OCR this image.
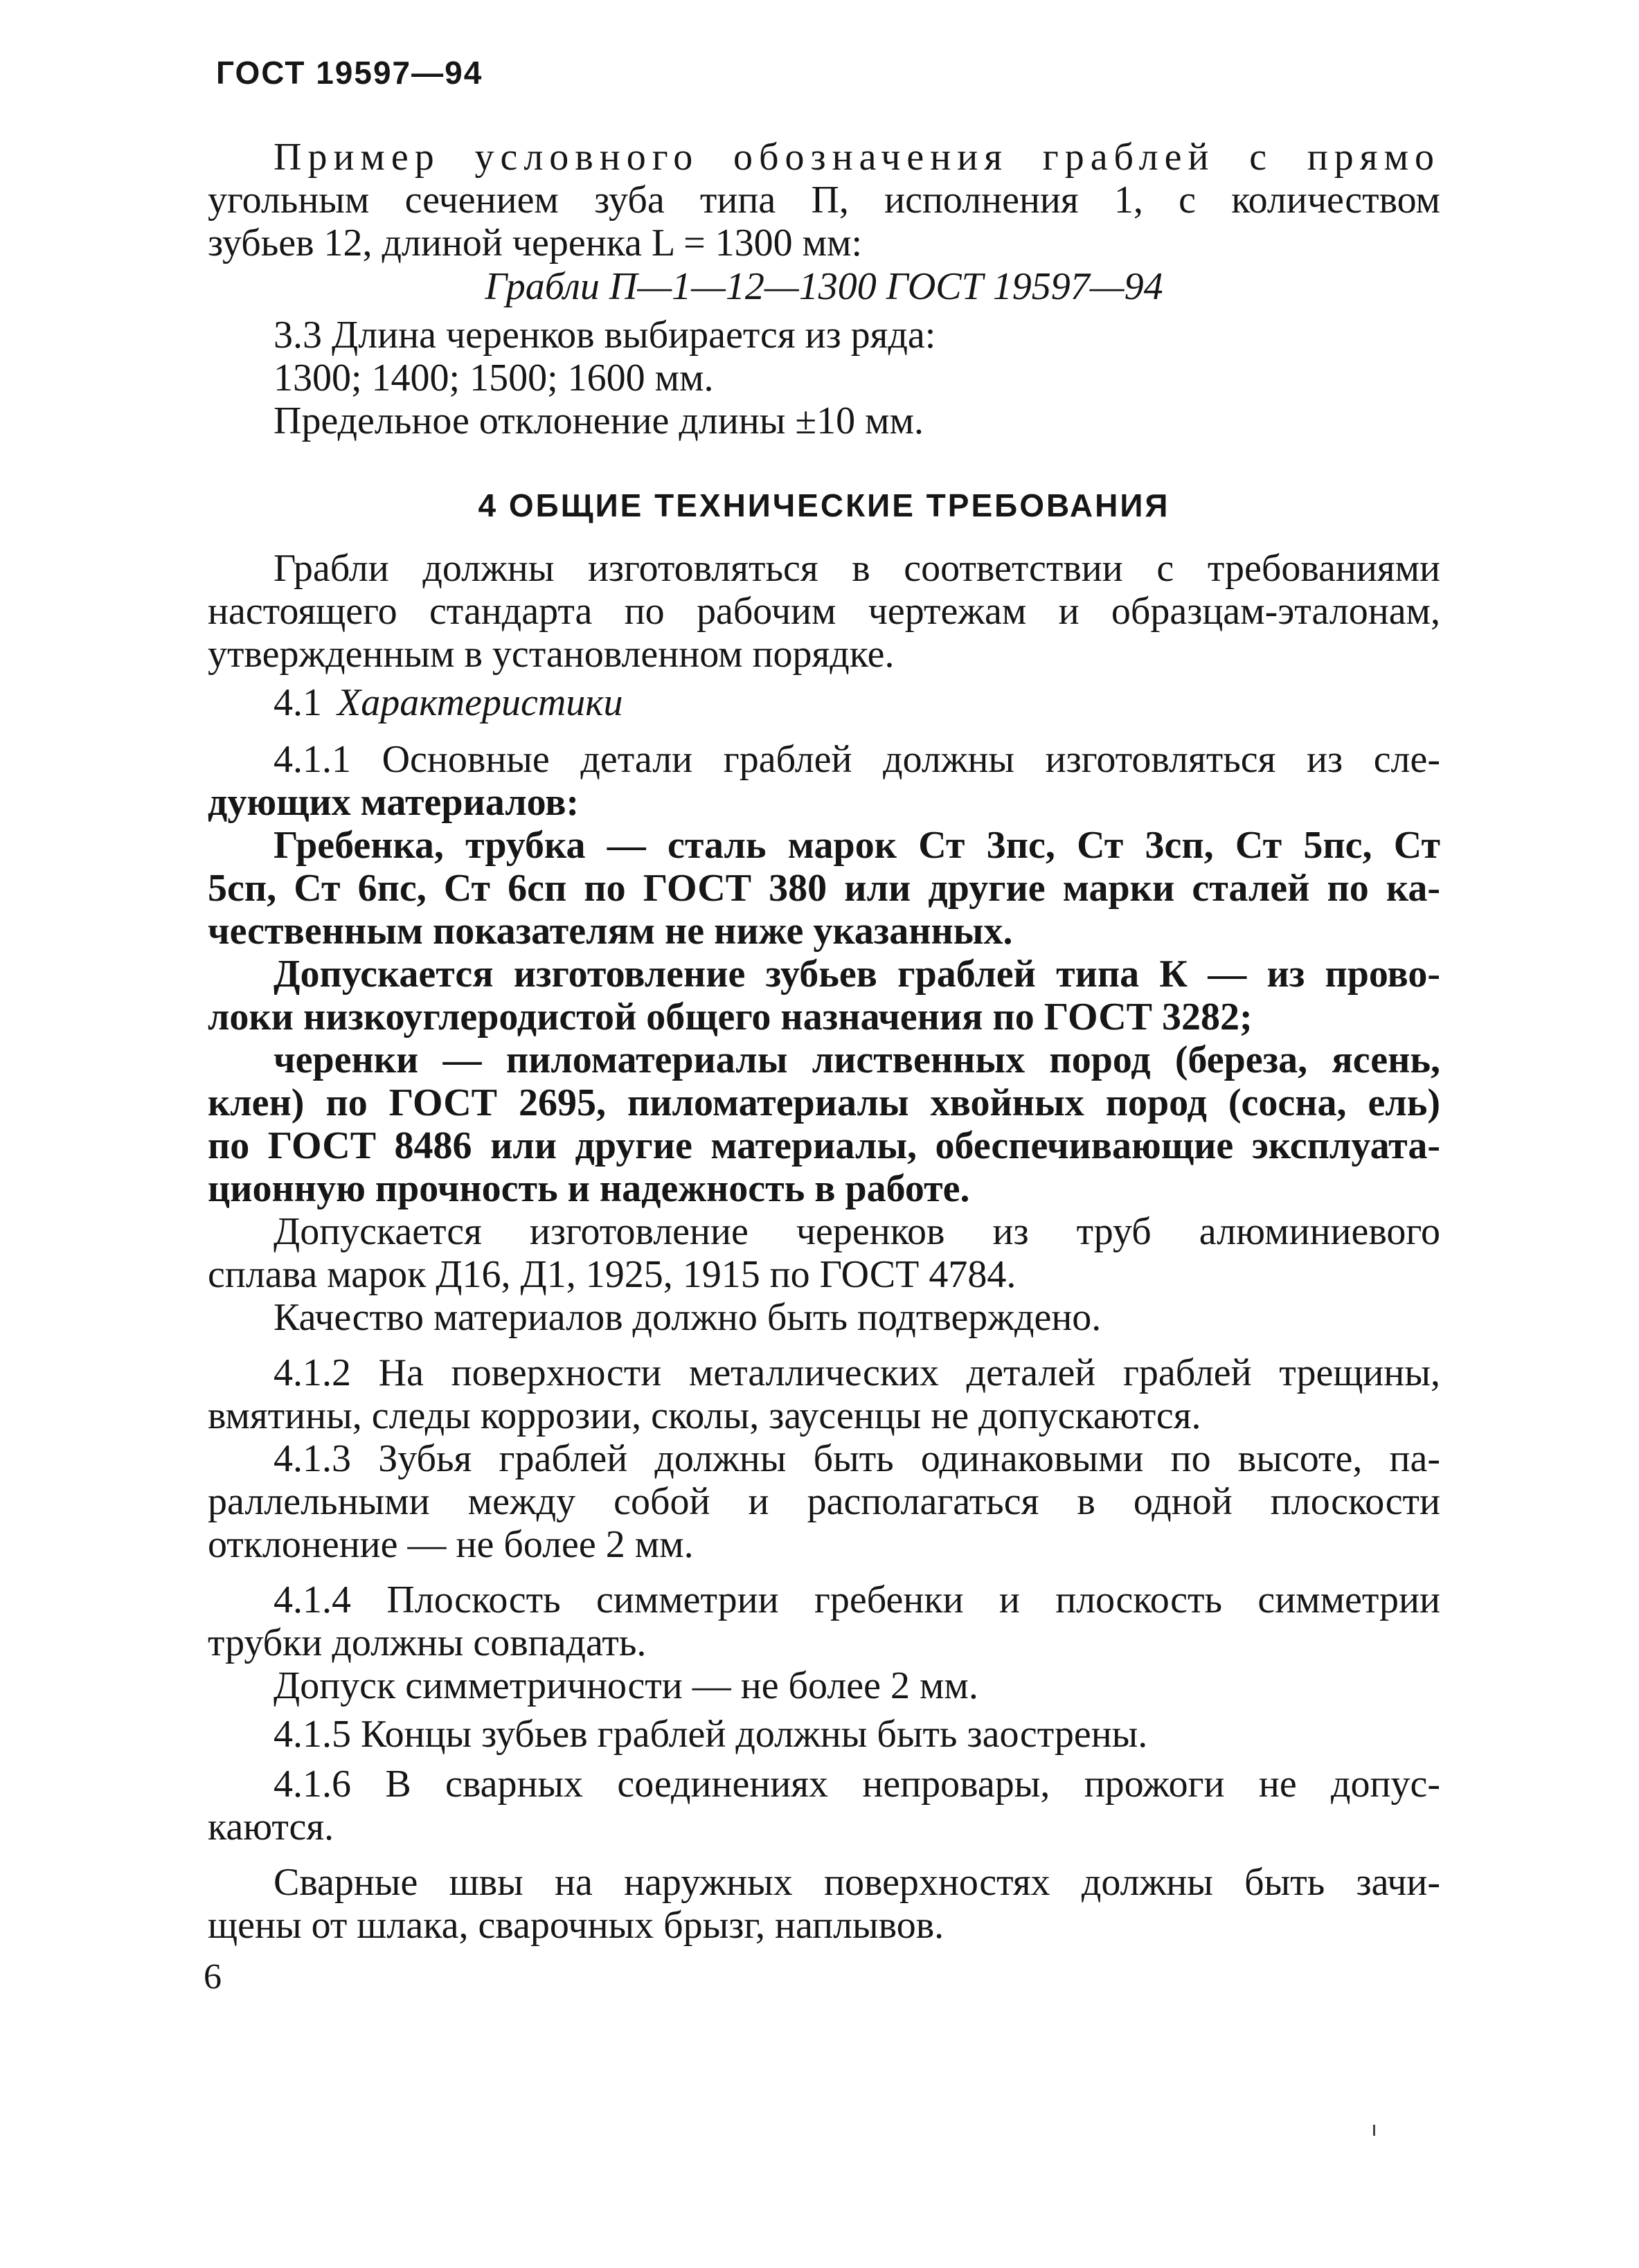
ГОСТ 19597—94
Пример условного обозначения граблей с прямо
угольным сечением зуба типа П, исполнения 1, с количеством
зубьев 12, длиной черенка L = 1300 мм:
Грабли П—1—12—1300 ГОСТ 19597—94
3.3 Длина черенков выбирается из ряда:
1300; 1400; 1500; 1600 мм.
Предельное отклонение длины ±10 мм.
4 ОБЩИЕ ТЕХНИЧЕСКИЕ ТРЕБОВАНИЯ
Грабли должны изготовляться в соответствии с требованиями
настоящего стандарта по рабочим чертежам и образцам-эталонам,
утвержденным в установленном порядке.
4.1 Характеристики
4.1.1 Основные детали граблей должны изготовляться из сле-
дующих материалов:
Гребенка, трубка — сталь марок Ст 3пс, Ст 3сп, Ст 5пс, Ст
5сп, Ст 6пс, Ст 6сп по ГОСТ 380 или другие марки сталей по ка-
чественным показателям не ниже указанных.
Допускается изготовление зубьев граблей типа К — из прово-
локи низкоуглеродистой общего назначения по ГОСТ 3282;
черенки — пиломатериалы лиственных пород (береза, ясень,
клен) по ГОСТ 2695, пиломатериалы хвойных пород (сосна, ель)
по ГОСТ 8486 или другие материалы, обеспечивающие эксплуата-
ционную прочность и надежность в работе.
Допускается изготовление черенков из труб алюминиевого
сплава марок Д16, Д1, 1925, 1915 по ГОСТ 4784.
Качество материалов должно быть подтверждено.
4.1.2 На поверхности металлических деталей граблей трещины,
вмятины, следы коррозии, сколы, заусенцы не допускаются.
4.1.3 Зубья граблей должны быть одинаковыми по высоте, па-
раллельными между собой и располагаться в одной плоскости
отклонение — не более 2 мм.
4.1.4 Плоскость симметрии гребенки и плоскость симметрии
трубки должны совпадать.
Допуск симметричности — не более 2 мм.
4.1.5 Концы зубьев граблей должны быть заострены.
4.1.6 В сварных соединениях непровары, прожоги не допус-
каются.
Сварные швы на наружных поверхностях должны быть зачи-
щены от шлака, сварочных брызг, наплывов.
6
